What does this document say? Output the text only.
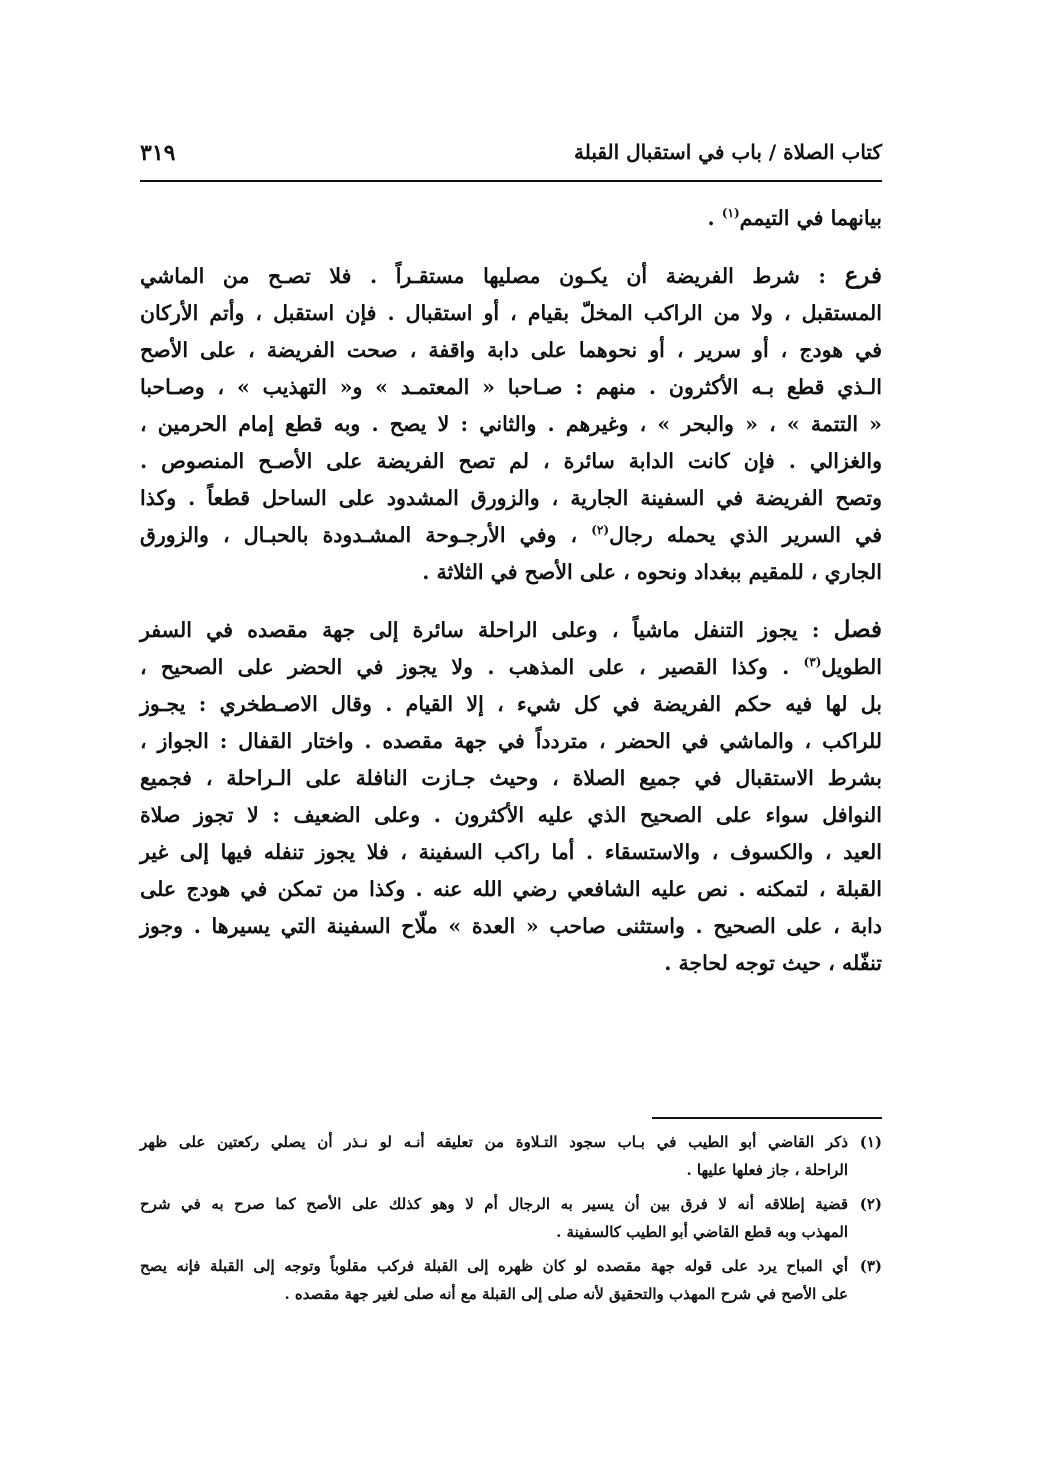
كتاب الصلاة / باب في استقبال القبلة
٣١٩
بيانهما في التيمم$^{(١)}$ .
فرع : شرط الفريضة أن يكـون مصليها مستقـراً . فلا تصـح من الماشي
المستقبل ، ولا من الراكب المخلّ بقيام ، أو استقبال . فإن استقبل ، وأتم الأركان
في هودج ، أو سرير ، أو نحوهما على دابة واقفة ، صحت الفريضة ، على الأصح
الـذي قطع بـه الأكثرون . منهم : صـاحبا « المعتمـد » و« التهذيب » ، وصـاحبا
« التتمة » ، « والبحر » ، وغيرهم . والثاني : لا يصح . وبه قطع إمام الحرمين ،
والغزالي . فإن كانت الدابة سائرة ، لم تصح الفريضة على الأصـح المنصوص .
وتصح الفريضة في السفينة الجارية ، والزورق المشدود على الساحل قطعاً . وكذا
في السرير الذي يحمله رجال$^{(٢)}$ ، وفي الأرجـوحة المشـدودة بالحبـال ، والزورق
الجاري ، للمقيم ببغداد ونحوه ، على الأصح في الثلاثة .
فصل : يجوز التنفل ماشياً ، وعلى الراحلة سائرة إلى جهة مقصده في السفر
الطويل$^{(٣)}$ . وكذا القصير ، على المذهب . ولا يجوز في الحضر على الصحيح ،
بل لها فيه حكم الفريضة في كل شيء ، إلا القيام . وقال الاصـطخري : يجـوز
للراكب ، والماشي في الحضر ، متردداً في جهة مقصده . واختار القفال : الجواز ،
بشرط الاستقبال في جميع الصلاة ، وحيث جـازت النافلة على الـراحلة ، فجميع
النوافل سواء على الصحيح الذي عليه الأكثرون . وعلى الضعيف : لا تجوز صلاة
العيد ، والكسوف ، والاستسقاء . أما راكب السفينة ، فلا يجوز تنفله فيها إلى غير
القبلة ، لتمكنه . نص عليه الشافعي رضي الله عنه . وكذا من تمكن في هودج على
دابة ، على الصحيح . واستثنى صاحب « العدة » ملّاح السفينة التي يسيرها . وجوز
تنفّله ، حيث توجه لحاجة .
(١)ذكر القاضي أبو الطيب في بـاب سجود التـلاوة من تعليقه أنـه لو نـذر أن يصلي ركعتين على ظهر
الراحلة ، جاز فعلها عليها .
(٢)قضية إطلاقه أنه لا فرق بين أن يسير به الرجال أم لا وهو كذلك على الأصح كما صرح به في شرح
المهذب وبه قطع القاضي أبو الطيب كالسفينة .
(٣)أي المباح يرد على قوله جهة مقصده لو كان ظهره إلى القبلة فركب مقلوباً وتوجه إلى القبلة فإنه يصح
على الأصح في شرح المهذب والتحقيق لأنه صلى إلى القبلة مع أنه صلى لغير جهة مقصده .
